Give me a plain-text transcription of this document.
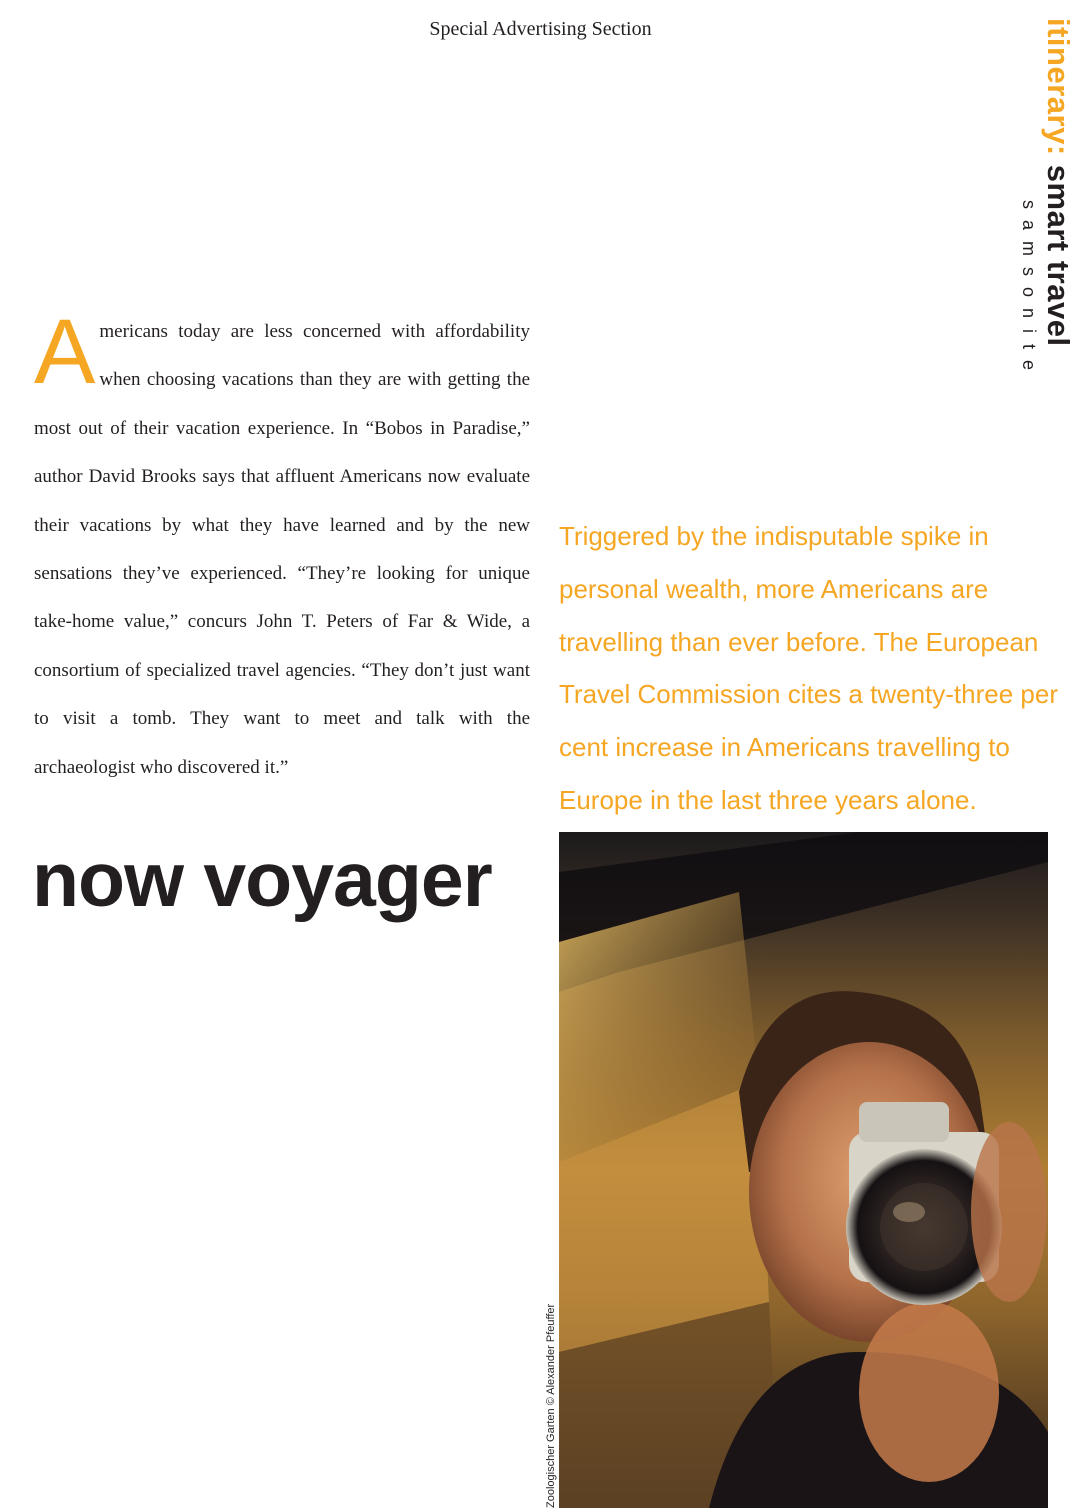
Special Advertising Section	itinerary: smart travel
samsonite
A mericans today are less concerned with affordability when choosing vacations than they are with getting the most out of their vacation experience. In “Bobos in Paradise,” author David Brooks says that affluent Americans now evaluate their vacations by what they have learned and by the new sensations they’ve experienced. “They’re looking for unique take-home value,” concurs John T. Peters of Far & Wide, a consortium of specialized travel agencies. “They don’t just want to visit a tomb. They want to meet and talk with the archaeologist who discovered it.”
Triggered by the indisputable spike in personal wealth, more Americans are travelling than ever before. The European Travel Commission cites a twenty-three per cent increase in Americans travelling to Europe in the last three years alone.
now voyager
Zoologischer Garten © Alexander Pfeuffer
